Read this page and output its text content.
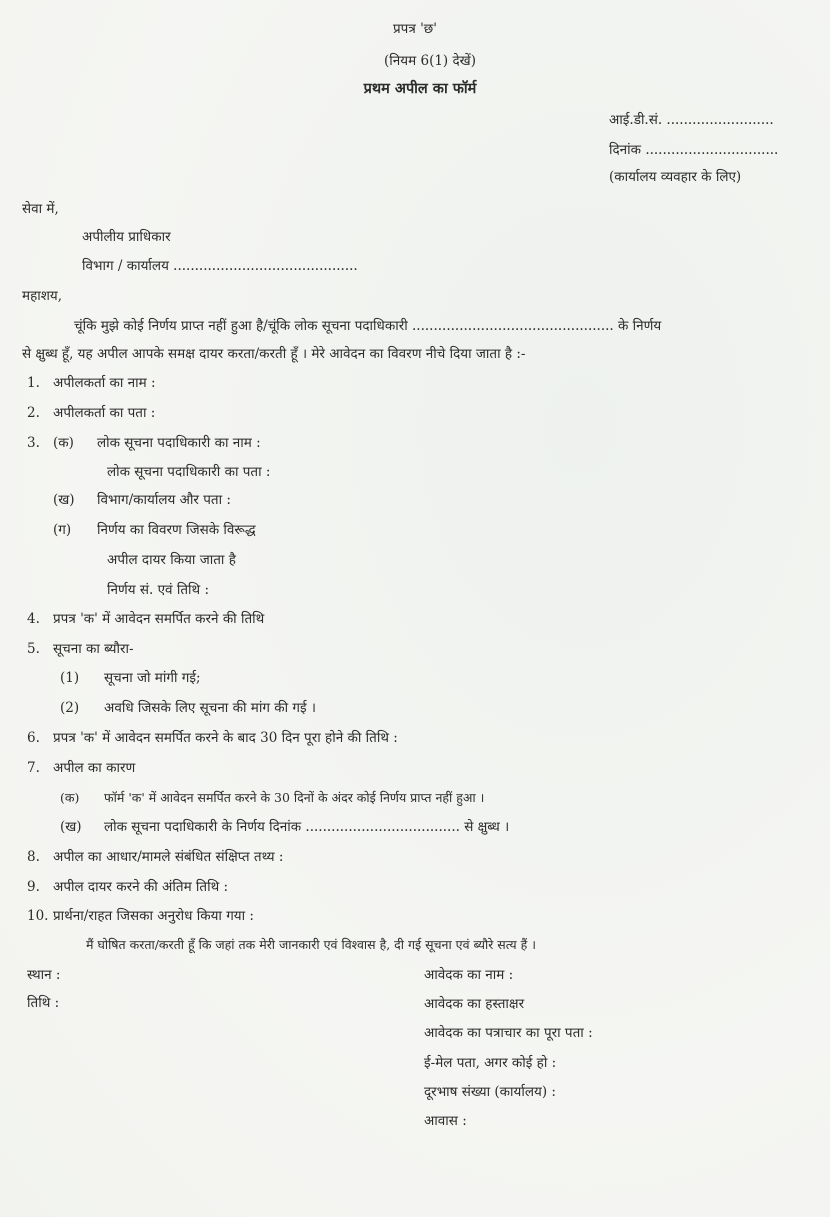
प्रपत्र 'छ'
(नियम 6(1) देखें)
प्रथम अपील का फॉर्म
आई.डी.सं. .........................
दिनांक ...............................
(कार्यालय व्यवहार के लिए)
सेवा में,
अपीलीय प्राधिकार
विभाग / कार्यालय ...........................................
महाशय,
चूंकि मुझे कोई निर्णय प्राप्त नहीं हुआ है/चूंकि लोक सूचना पदाधिकारी ............................................... के निर्णय
से क्षुब्ध हूँ, यह अपील आपके समक्ष दायर करता/करती हूँ । मेरे आवेदन का विवरण नीचे दिया जाता है :-
1. अपीलकर्ता का नाम :
2. अपीलकर्ता का पता :
3. (क) लोक सूचना पदाधिकारी का नाम :
लोक सूचना पदाधिकारी का पता :
(ख) विभाग/कार्यालय और पता :
(ग) निर्णय का विवरण जिसके विरूद्ध
अपील दायर किया जाता है
निर्णय सं. एवं तिथि :
4. प्रपत्र 'क' में आवेदन समर्पित करने की तिथि
5. सूचना का ब्यौरा-
(1) सूचना जो मांगी गई;
(2) अवधि जिसके लिए सूचना की मांग की गई ।
6. प्रपत्र 'क' में आवेदन समर्पित करने के बाद 30 दिन पूरा होने की तिथि :
7. अपील का कारण
(क) फॉर्म 'क' में आवेदन समर्पित करने के 30 दिनों के अंदर कोई निर्णय प्राप्त नहीं हुआ ।
(ख) लोक सूचना पदाधिकारी के निर्णय दिनांक .................................... से क्षुब्ध ।
8. अपील का आधार/मामले संबंधित संक्षिप्त तथ्य :
9. अपील दायर करने की अंतिम तिथि :
10. प्रार्थना/राहत जिसका अनुरोध किया गया :
मैं घोषित करता/करती हूँ कि जहां तक मेरी जानकारी एवं विश्वास है, दी गई सूचना एवं ब्यौरे सत्य हैं ।
स्थान :
तिथि :
आवेदक का नाम :
आवेदक का हस्ताक्षर
आवेदक का पत्राचार का पूरा पता :
ई-मेल पता, अगर कोई हो :
दूरभाष संख्या (कार्यालय) :
आवास :
